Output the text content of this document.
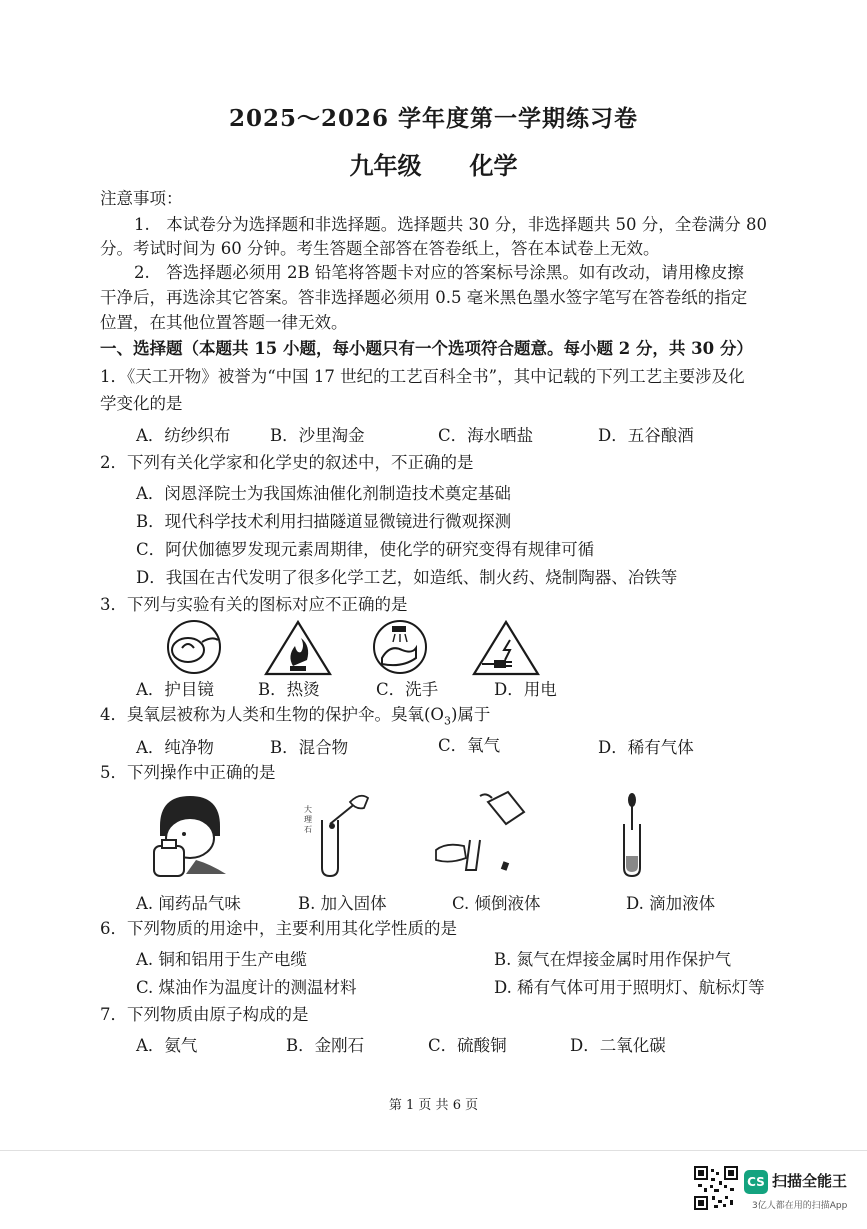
2025～2026 学年度第一学期练习卷
九年级 化学
注意事项：
1.　本试卷分为选择题和非选择题。选择题共 30 分，非选择题共 50 分，全卷满分 80
分。考试时间为 60 分钟。考生答题全部答在答卷纸上，答在本试卷上无效。
2.　答选择题必须用 2B 铅笔将答题卡对应的答案标号涂黑。如有改动，请用橡皮擦
干净后，再选涂其它答案。答非选择题必须用 0.5 毫米黑色墨水签字笔写在答卷纸的指定
位置，在其他位置答题一律无效。
一、选择题（本题共 15 小题，每小题只有一个选项符合题意。每小题 2 分，共 30 分）
1．《天工开物》被誉为“中国 17 世纪的工艺百科全书”，其中记载的下列工艺主要涉及化
学变化的是
A．纺纱织布 B．沙里淘金	C．海水晒盐	D．五谷酿酒
2．下列有关化学家和化学史的叙述中，不正确的是
A．闵恩泽院士为我国炼油催化剂制造技术奠定基础
B．现代科学技术利用扫描隧道显微镜进行微观探测
C．阿伏伽德罗发现元素周期律，使化学的研究变得有规律可循
D．我国在古代发明了很多化学工艺，如造纸、制火药、烧制陶器、冶铁等
3．下列与实验有关的图标对应不正确的是
A．护目镜	B．热烫	C．洗手	D．用电
4．臭氧层被称为人类和生物的保护伞。臭氧$(O_3)$属于
A．纯净物	B．混合物	C．氧气	D．稀有气体
5．下列操作中正确的是
大
理
石
A. 闻药品气味	B. 加入固体	C. 倾倒液体	D. 滴加液体
6．下列物质的用途中，主要利用其化学性质的是
A. 铜和铝用于生产电缆	B. 氮气在焊接金属时用作保护气
C. 煤油作为温度计的测温材料	D. 稀有气体可用于照明灯、航标灯等
7．下列物质由原子构成的是
A．氨气	B．金刚石	C．硫酸铜	D．二氧化碳
第 1 页 共 6 页
CS 扫描全能王
3亿人都在用的扫描App
